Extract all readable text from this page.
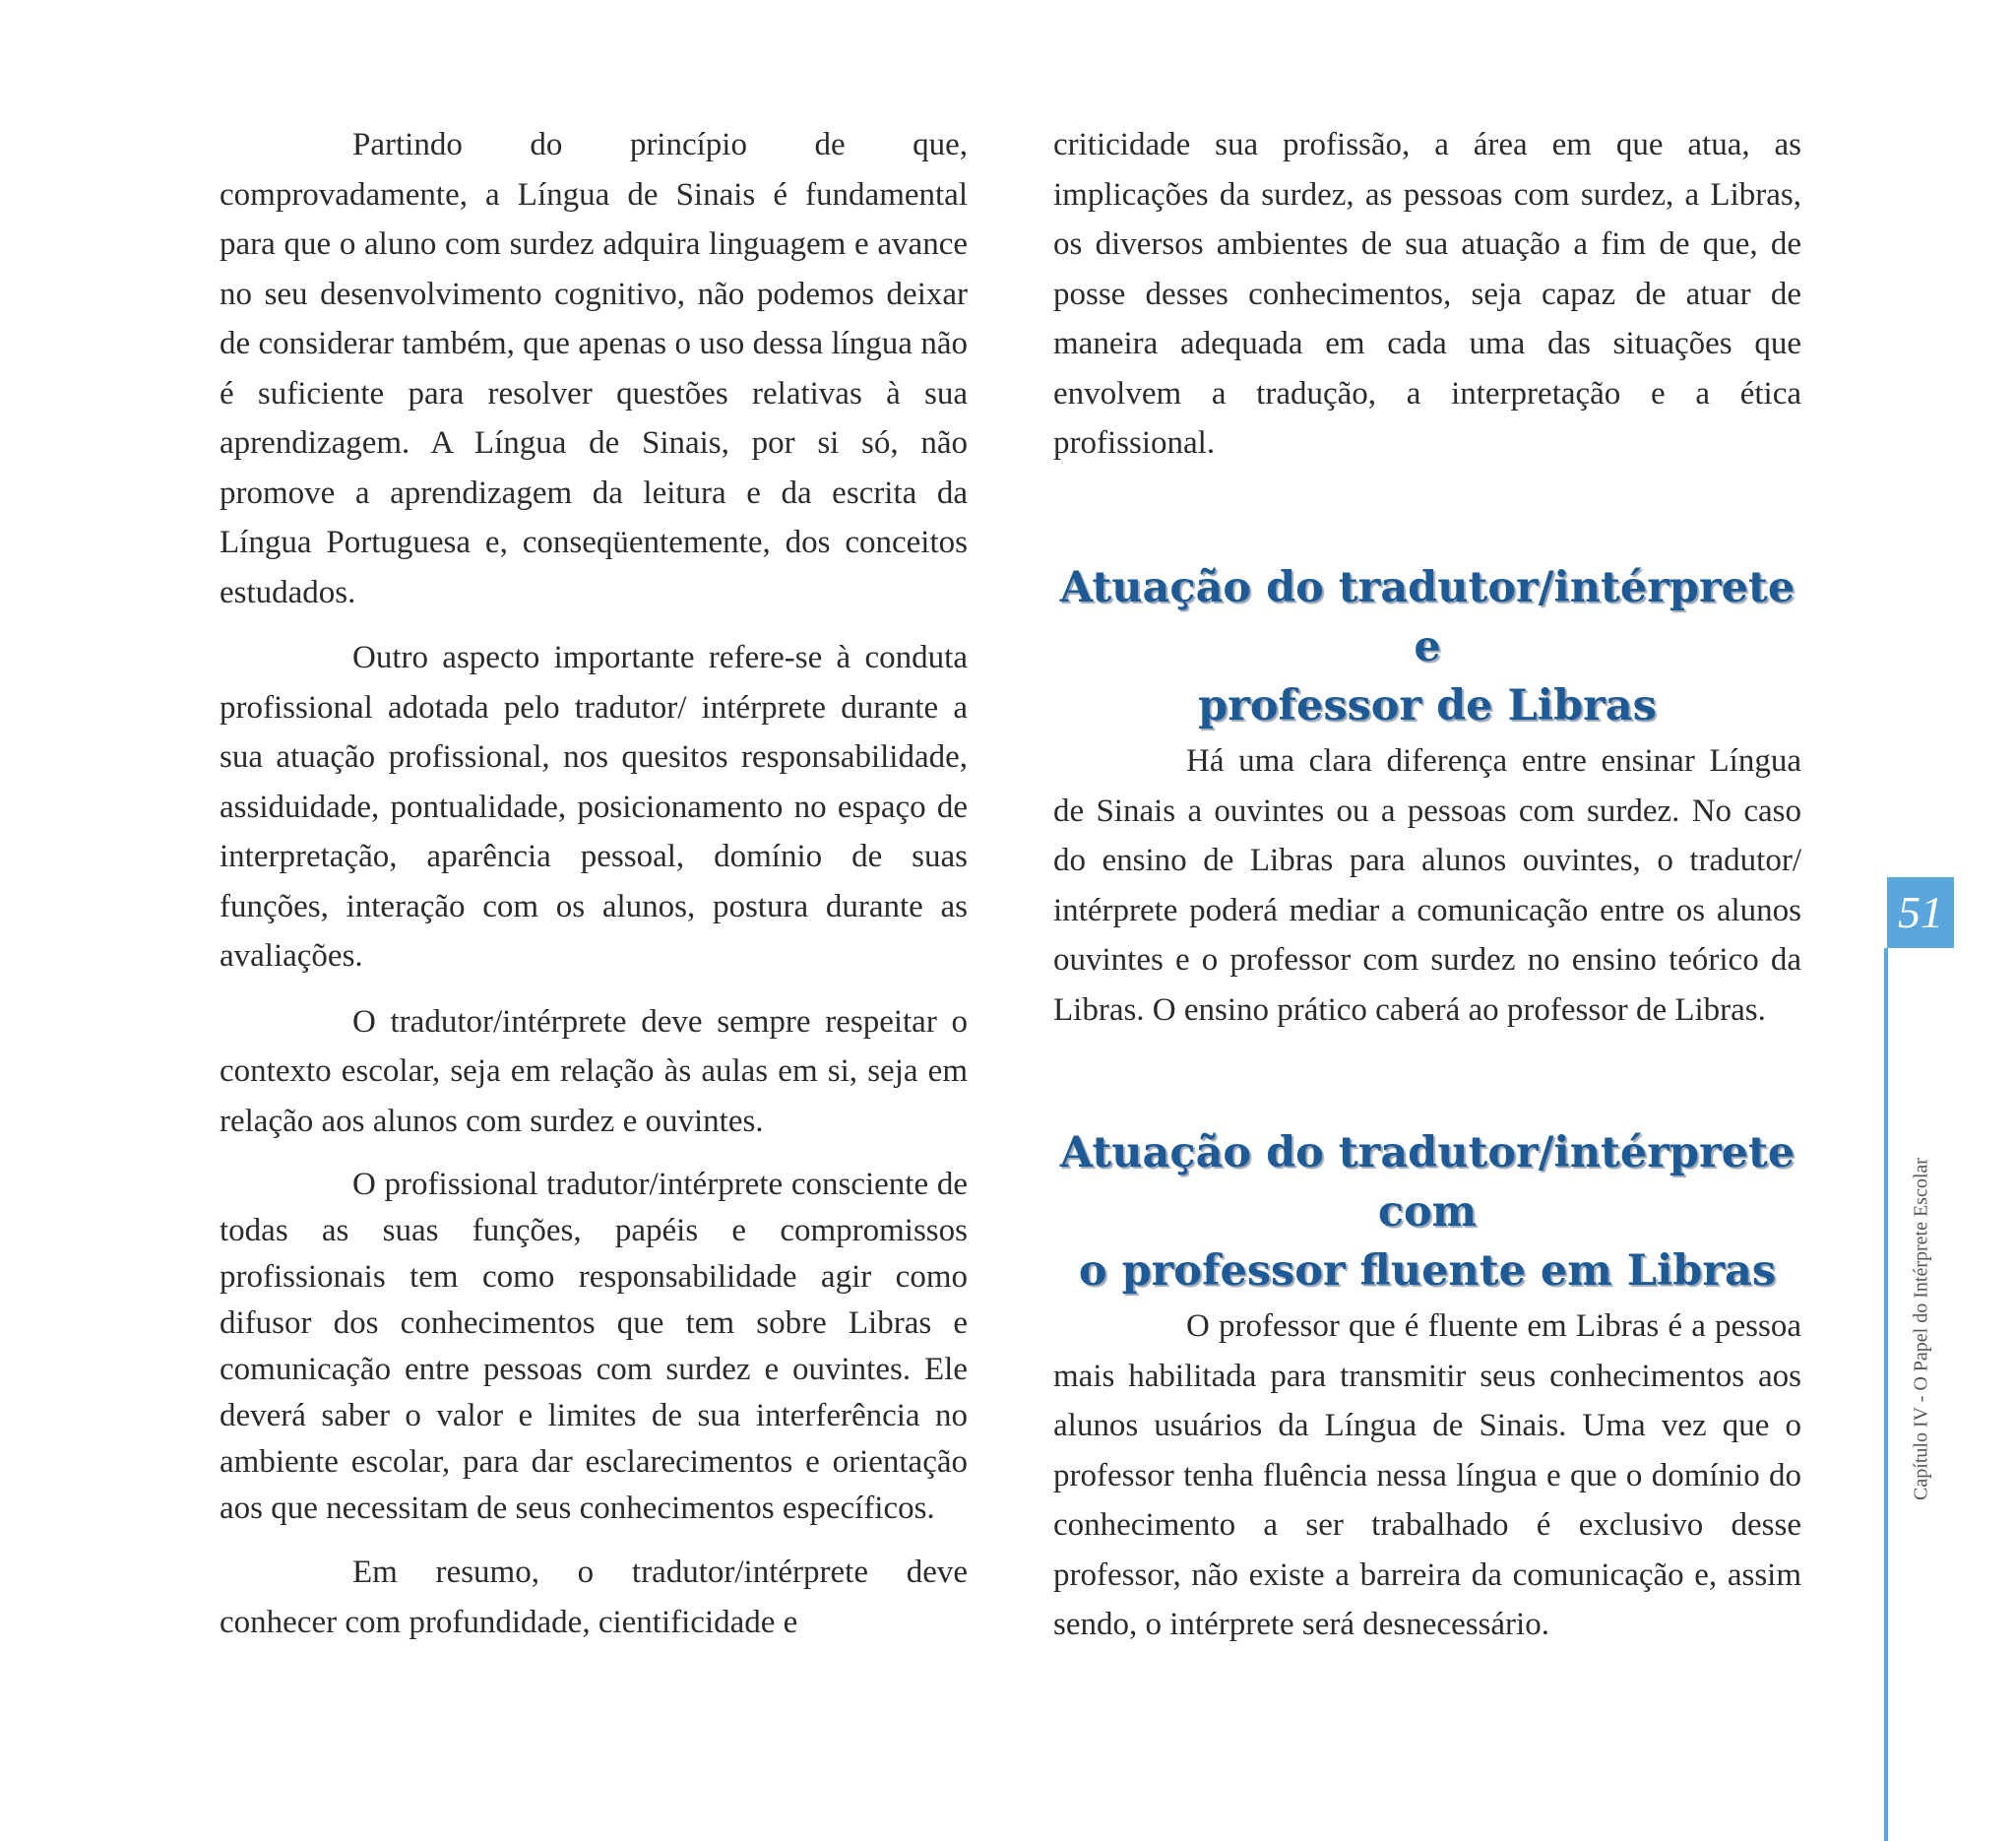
Partindo do princípio de que, comprovadamente, a Língua de Sinais é fundamental para que o aluno com surdez adquira linguagem e avance no seu desenvolvimento cognitivo, não podemos deixar de considerar também, que apenas o uso dessa língua não é suficiente para resolver questões relativas à sua aprendizagem. A Língua de Sinais, por si só, não promove a aprendizagem da leitura e da escrita da Língua Portuguesa e, conseqüentemente, dos conceitos estudados.

Outro aspecto importante refere-se à conduta profissional adotada pelo tradutor/ intérprete durante a sua atuação profissional, nos quesitos responsabilidade, assiduidade, pontualidade, posicionamento no espaço de interpretação, aparência pessoal, domínio de suas funções, interação com os alunos, postura durante as avaliações.

O tradutor/intérprete deve sempre respeitar o contexto escolar, seja em relação às aulas em si, seja em relação aos alunos com surdez e ouvintes.

O profissional tradutor/intérprete consciente de todas as suas funções, papéis e compromissos profissionais tem como responsabilidade agir como difusor dos conhecimentos que tem sobre Libras e comunicação entre pessoas com surdez e ouvintes. Ele deverá saber o valor e limites de sua interferência no ambiente escolar, para dar esclarecimentos e orientação aos que necessitam de seus conhecimentos específicos.

Em resumo, o tradutor/intérprete deve conhecer com profundidade, cientificidade e

criticidade sua profissão, a área em que atua, as implicações da surdez, as pessoas com surdez, a Libras, os diversos ambientes de sua atuação a fim de que, de posse desses conhecimentos, seja capaz de atuar de maneira adequada em cada uma das situações que envolvem a tradução, a interpretação e a ética profissional.

Atuação do tradutor/intérprete e
professor de Libras

Há uma clara diferença entre ensinar Língua de Sinais a ouvintes ou a pessoas com surdez. No caso do ensino de Libras para alunos ouvintes, o tradutor/ intérprete poderá mediar a comunicação entre os alunos ouvintes e o professor com surdez no ensino teórico da Libras. O ensino prático caberá ao professor de Libras.

Atuação do tradutor/intérprete com
o professor fluente em Libras

O professor que é fluente em Libras é a pessoa mais habilitada para transmitir seus conhecimentos aos alunos usuários da Língua de Sinais. Uma vez que o professor tenha fluência nessa língua e que o domínio do conhecimento a ser trabalhado é exclusivo desse professor, não existe a barreira da comunicação e, assim sendo, o intérprete será desnecessário.

51
Capítulo IV - O Papel do Intérprete Escolar
